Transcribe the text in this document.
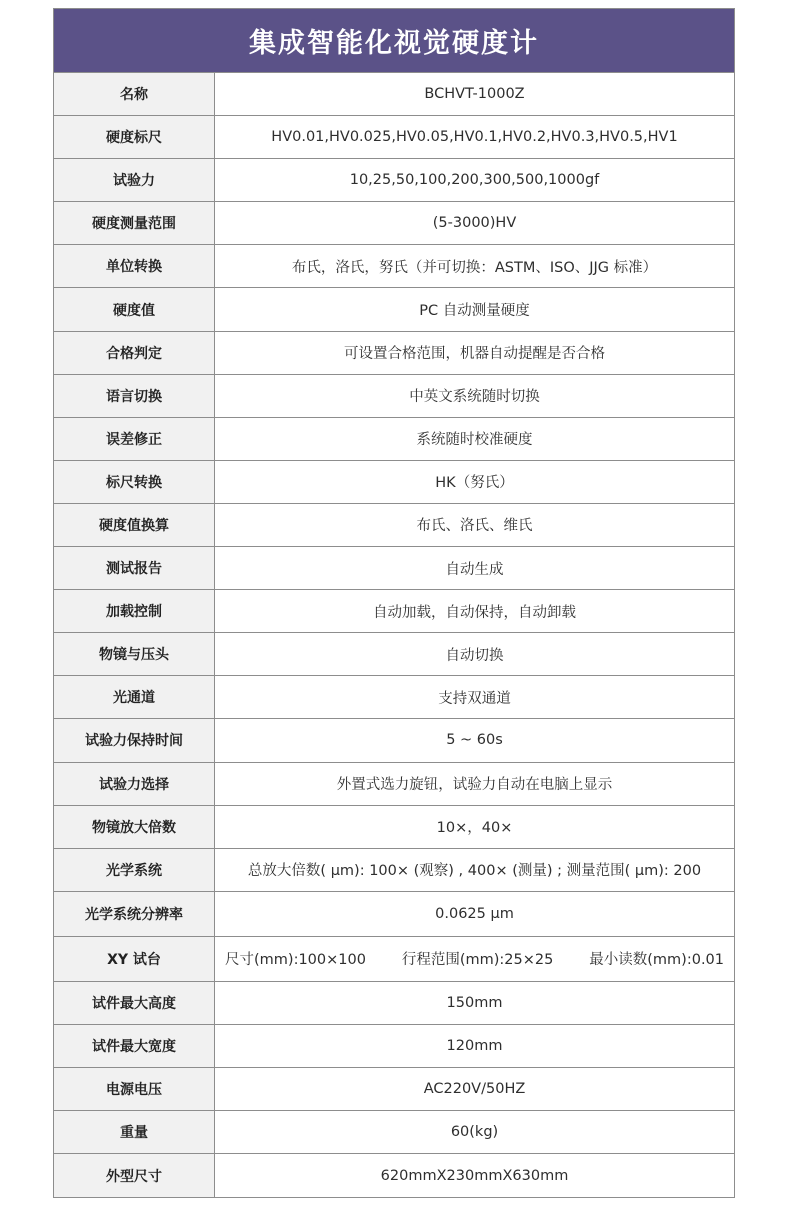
集成智能化视觉硬度计
名称	BCHVT-1000Z
硬度标尺	HV0.01,HV0.025,HV0.05,HV0.1,HV0.2,HV0.3,HV0.5,HV1
试验力	10,25,50,100,200,300,500,1000gf
硬度测量范围	(5-3000)HV
单位转换	布氏，洛氏，努氏（并可切换：ASTM、ISO、JJG 标准）
硬度值	PC 自动测量硬度
合格判定	可设置合格范围，机器自动提醒是否合格
语言切换	中英文系统随时切换
误差修正	系统随时校准硬度
标尺转换	HK（努氏）
硬度值换算	布氏、洛氏、维氏
测试报告	自动生成
加载控制	自动加载，自动保持，自动卸载
物镜与压头	自动切换
光通道	支持双通道
试验力保持时间	5 ~ 60s
试验力选择	外置式选力旋钮，试验力自动在电脑上显示
物镜放大倍数	10×，40×
光学系统	总放大倍数( μm): 100× (观察) , 400× (测量) ; 测量范围( μm): 200
光学系统分辨率	0.0625 μm
XY 试台	尺寸(mm):100×100 行程范围(mm):25×25 最小读数(mm):0.01
试件最大高度	150mm
试件最大宽度	120mm
电源电压	AC220V/50HZ
重量	60(kg)
外型尺寸	620mmX230mmX630mm
